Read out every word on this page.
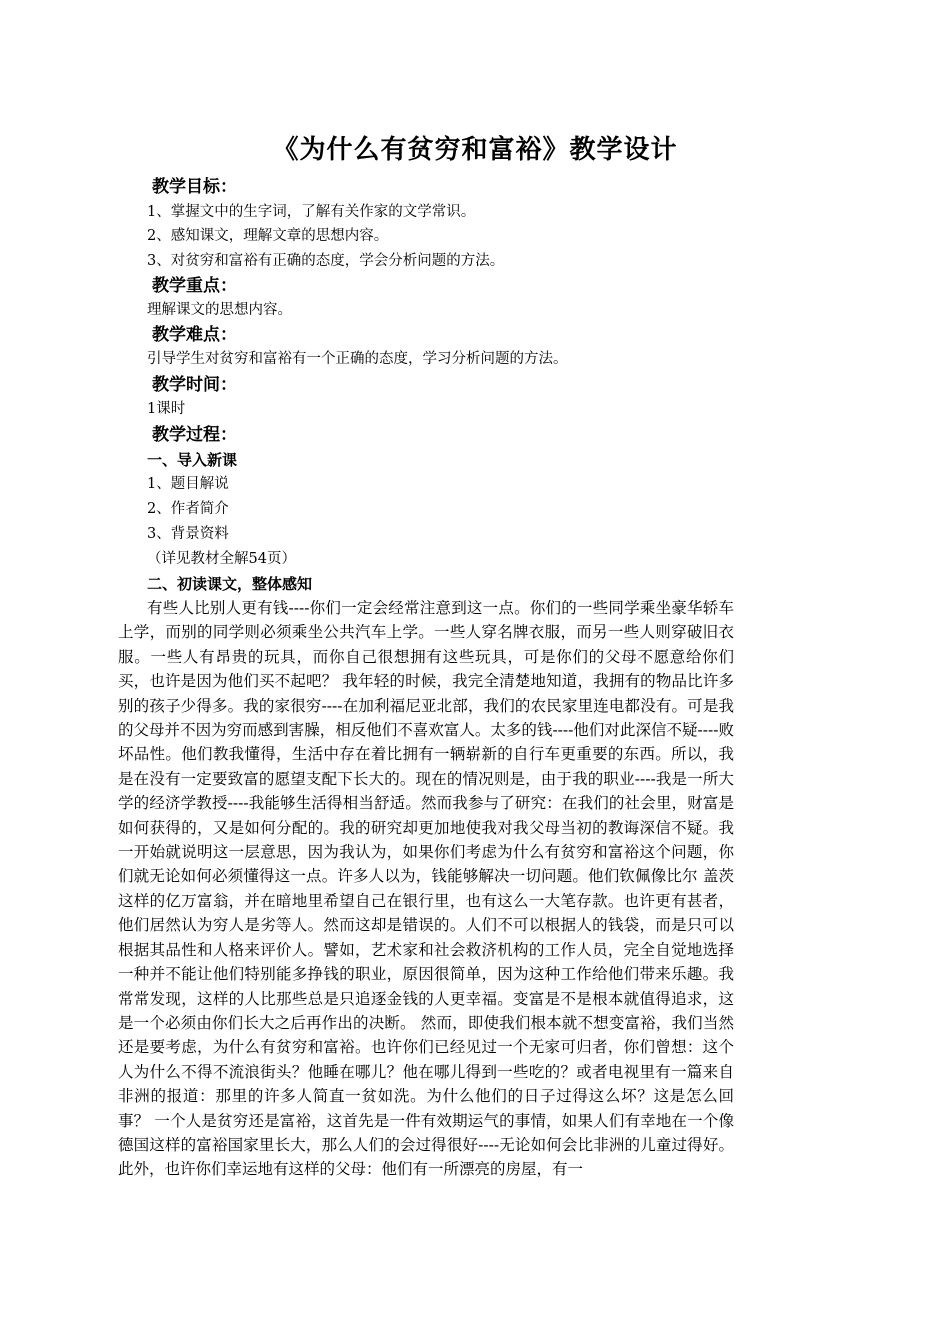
《为什么有贫穷和富裕》教学设计
教学目标：
1、掌握文中的生字词，了解有关作家的文学常识。
2、感知课文，理解文章的思想内容。
3、对贫穷和富裕有正确的态度，学会分析问题的方法。
教学重点：
理解课文的思想内容。
教学难点：
引导学生对贫穷和富裕有一个正确的态度，学习分析问题的方法。
教学时间：
1课时
教学过程：
一、导入新课
1、题目解说
2、作者简介
3、背景资料
（详见教材全解54页）
二、初读课文，整体感知

有些人比别人更有钱----你们一定会经常注意到这一点。你们的一些同学乘坐豪华轿车上学，而别的同学则必须乘坐公共汽车上学。一些人穿名牌衣服，而另一些人则穿破旧衣服。一些人有昂贵的玩具，而你自己很想拥有这些玩具，可是你们的父母不愿意给你们买，也许是因为他们买不起吧？ 我年轻的时候，我完全清楚地知道，我拥有的物品比许多别的孩子少得多。我的家很穷----在加利福尼亚北部，我们的农民家里连电都没有。可是我的父母并不因为穷而感到害臊，相反他们不喜欢富人。太多的钱----他们对此深信不疑----败坏品性。他们教我懂得，生活中存在着比拥有一辆崭新的自行车更重要的东西。所以，我是在没有一定要致富的愿望支配下长大的。现在的情况则是，由于我的职业----我是一所大学的经济学教授----我能够生活得相当舒适。然而我参与了研究：在我们的社会里，财富是如何获得的，又是如何分配的。我的研究却更加地使我对我父母当初的教诲深信不疑。我一开始就说明这一层意思，因为我认为，如果你们考虑为什么有贫穷和富裕这个问题，你们就无论如何必须懂得这一点。许多人以为，钱能够解决一切问题。他们钦佩像比尔 盖茨这样的亿万富翁，并在暗地里希望自己在银行里，也有这么一大笔存款。也许更有甚者，他们居然认为穷人是劣等人。然而这却是错误的。人们不可以根据人的钱袋，而是只可以根据其品性和人格来评价人。譬如，艺术家和社会救济机构的工作人员，完全自觉地选择一种并不能让他们特别能多挣钱的职业，原因很简单，因为这种工作给他们带来乐趣。我常常发现，这样的人比那些总是只追逐金钱的人更幸福。变富是不是根本就值得追求，这是一个必须由你们长大之后再作出的决断。 然而，即使我们根本就不想变富裕，我们当然还是要考虑，为什么有贫穷和富裕。也许你们已经见过一个无家可归者，你们曾想：这个人为什么不得不流浪街头？他睡在哪儿？他在哪儿得到一些吃的？或者电视里有一篇来自非洲的报道：那里的许多人简直一贫如洗。为什么他们的日子过得这么坏？这是怎么回事？ 一个人是贫穷还是富裕，这首先是一件有效期运气的事情，如果人们有幸地在一个像德国这样的富裕国家里长大，那么人们的会过得很好----无论如何会比非洲的儿童过得好。此外，也许你们幸运地有这样的父母：他们有一所漂亮的房屋，有一
